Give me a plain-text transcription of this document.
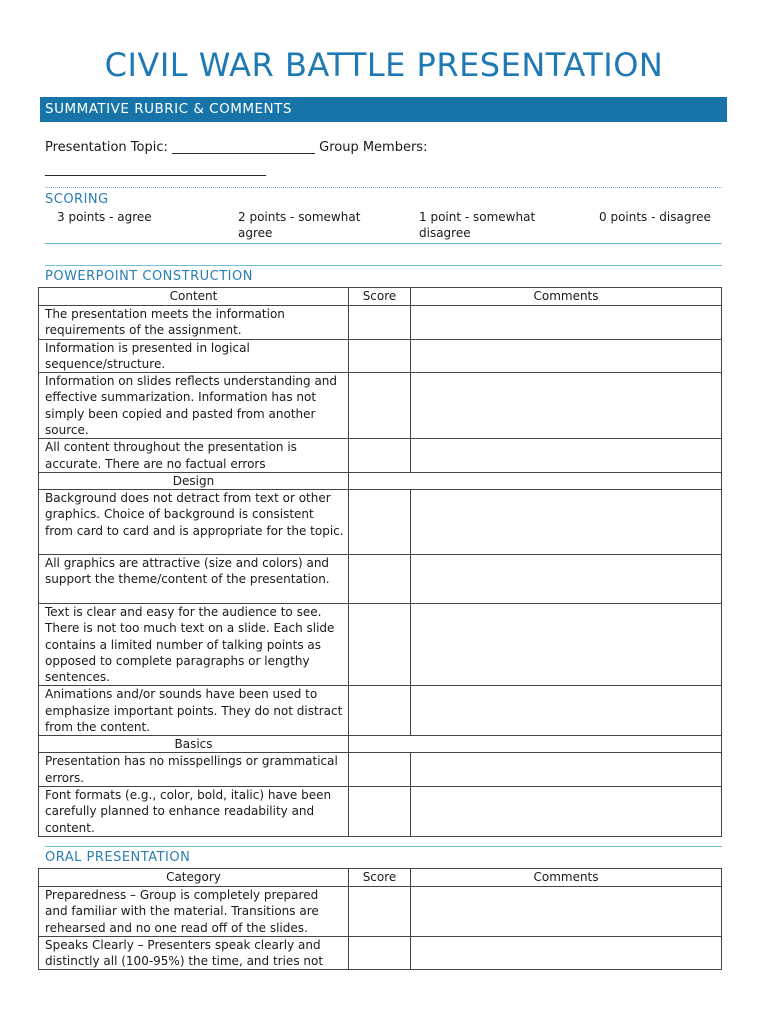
CIVIL WAR BATTLE PRESENTATION
SUMMATIVE RUBRIC & COMMENTS
Presentation Topic: ______________________ Group Members:
__________________________________
SCORING
3 points - agree	2 points - somewhat agree
1 point - somewhat disagree
0 points - disagree
POWERPOINT CONSTRUCTION
Content	Score	Comments
The presentation meets the information requirements of the assignment.		
Information is presented in logical sequence/structure.		
Information on slides reflects understanding and effective summarization. Information has not simply been copied and pasted from another source.		
All content throughout the presentation is accurate. There are no factual errors		
Design		
Background does not detract from text or other graphics. Choice of background is consistent from card to card and is appropriate for the topic.		
All graphics are attractive (size and colors) and support the theme/content of the presentation.		
Text is clear and easy for the audience to see. There is not too much text on a slide. Each slide contains a limited number of talking points as opposed to complete paragraphs or lengthy sentences.		
Animations and/or sounds have been used to emphasize important points. They do not distract from the content.		
Basics		
Presentation has no misspellings or grammatical errors.		
Font formats (e.g., color, bold, italic) have been carefully planned to enhance readability and content.		
ORAL PRESENTATION
Category	Score	Comments
Preparedness – Group is completely prepared and familiar with the material. Transitions are rehearsed and no one read off of the slides.		
Speaks Clearly – Presenters speak clearly and distinctly all (100-95%) the time, and tries not		
